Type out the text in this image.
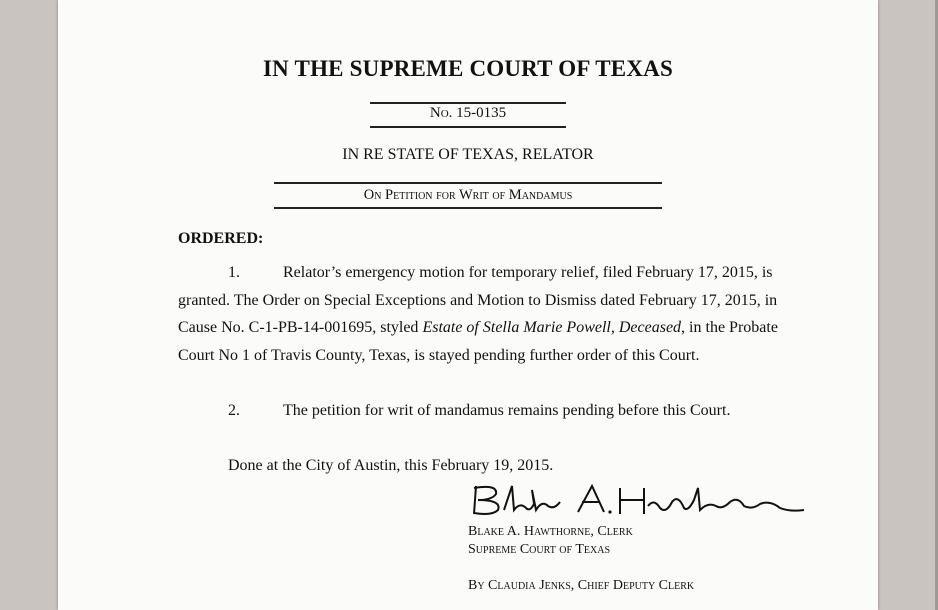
IN THE SUPREME COURT OF TEXAS
No. 15-0135
IN RE STATE OF TEXAS, RELATOR
On Petition for Writ of Mandamus
ORDERED:
1.	Relator’s emergency motion for temporary relief, filed February 17, 2015, is granted. The Order on Special Exceptions and Motion to Dismiss dated February 17, 2015, in Cause No. C-1-PB-14-001695, styled Estate of Stella Marie Powell, Deceased, in the Probate Court No 1 of Travis County, Texas, is stayed pending further order of this Court.
2.	The petition for writ of mandamus remains pending before this Court.
Done at the City of Austin, this February 19, 2015.
Blake A. Hawthorne, Clerk
Supreme Court of Texas
By Claudia Jenks, Chief Deputy Clerk
